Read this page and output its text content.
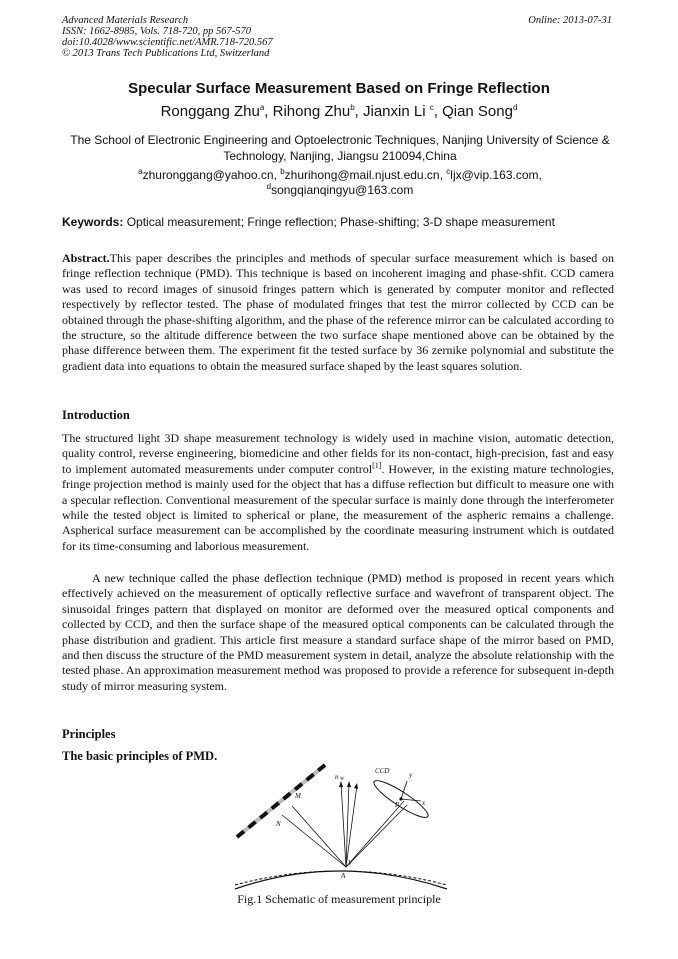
Advanced Materials Research
ISSN: 1662-8985, Vols. 718-720, pp 567-570
doi:10.4028/www.scientific.net/AMR.718-720.567
© 2013 Trans Tech Publications Ltd, Switzerland
Online: 2013-07-31
Specular Surface Measurement Based on Fringe Reflection
Ronggang Zhu$^a$, Rihong Zhu$^b$, Jianxin Li $^c$, Qian Song$^d$
The School of Electronic Engineering and Optoelectronic Techniques, Nanjing University of Science & Technology, Nanjing, Jiangsu 210094,China
$^a$zhuronggang@yahoo.cn, $^b$zhurihong@mail.njust.edu.cn, $^c$ljx@vip.163.com,
$^d$songqianqingyu@163.com
Keywords: Optical measurement; Fringe reflection; Phase-shifting; 3-D shape measurement
Abstract.This paper describes the principles and methods of specular surface measurement which is based on fringe reflection technique (PMD). This technique is based on incoherent imaging and phase-shfit. CCD camera was used to record images of sinusoid fringes pattern which is generated by computer monitor and reflected respectively by reflector tested. The phase of modulated fringes that test the mirror collected by CCD can be obtained through the phase-shifting algorithm, and the phase of the reference mirror can be calculated according to the structure, so the altitude difference between the two surface shape mentioned above can be obtained by the phase difference between them. The experiment fit the tested surface by 36 zernike polynomial and substitute the gradient data into equations to obtain the measured surface shaped by the least squares solution.
Introduction
The structured light 3D shape measurement technology is widely used in machine vision, automatic detection, quality control, reverse engineering, biomedicine and other fields for its non-contact, high-precision, fast and easy to implement automated measurements under computer control[1]. However, in the existing mature technologies, fringe projection method is mainly used for the object that has a diffuse reflection but difficult to measure one with a specular reflection. Conventional measurement of the specular surface is mainly done through the interferometer while the tested object is limited to spherical or plane, the measurement of the aspheric remains a challenge. Aspherical surface measurement can be accomplished by the coordinate measuring instrument which is outdated for its time-consuming and laborious measurement.
A new technique called the phase deflection technique (PMD) method is proposed in recent years which effectively achieved on the measurement of optically reflective surface and wavefront of transparent object. The sinusoidal fringes pattern that displayed on monitor are deformed over the measured optical components and collected by CCD, and then the surface shape of the measured optical components can be calculated through the phase distribution and gradient. This article first measure a standard surface shape of the mirror based on PMD, and then discuss the structure of the PMD measurement system in detail, analyze the absolute relationship with the tested phase. An approximation measurement method was proposed to provide a reference for subsequent in-depth study of mirror measuring system.
Principles
The basic principles of PMD.
M
N
n W
CCD	y
x
P
V
A
Fig.1 Schematic of measurement principle
